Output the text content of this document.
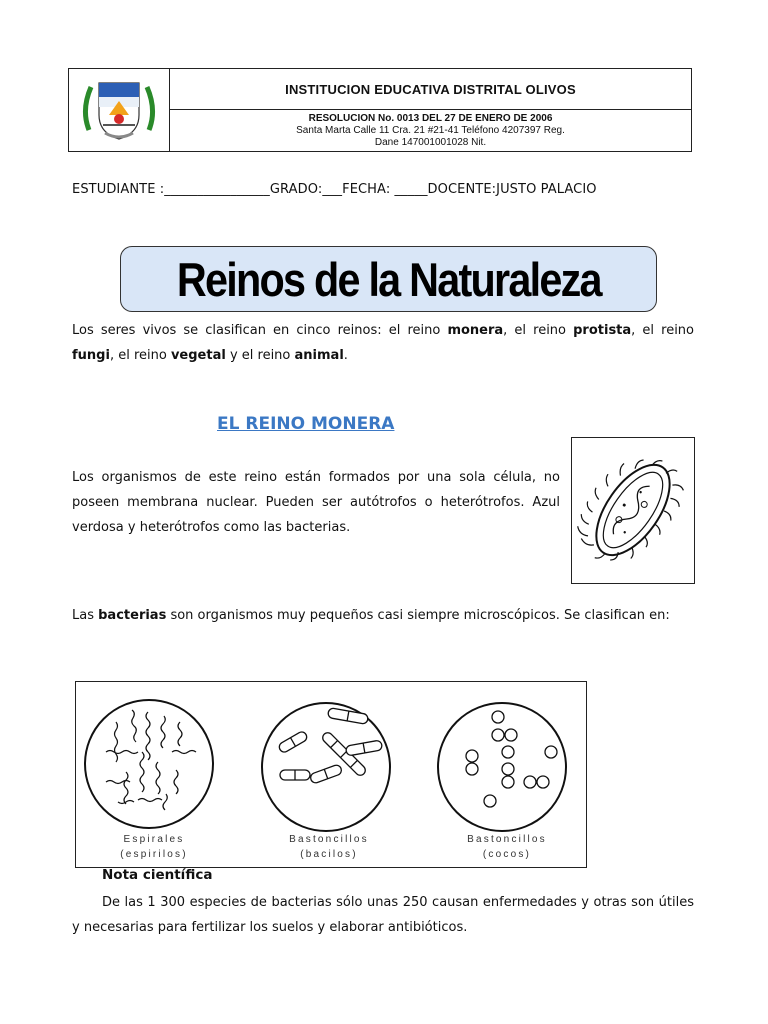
INSTITUCION EDUCATIVA DISTRITAL OLIVOS
RESOLUCION No. 0013 DEL 27 DE ENERO DE 2006
Santa Marta Calle 11 Cra. 21 #21-41 Teléfono 4207397 Reg.
Dane 147001001028 Nit.
ESTUDIANTE :________________GRADO:___FECHA: _____DOCENTE:JUSTO PALACIO
Reinos de la Naturaleza
Los seres vivos se clasifican en cinco reinos: el reino monera, el reino protista, el reino fungi, el reino vegetal y el reino animal.
EL REINO MONERA
Los organismos de este reino están formados por una sola célula, no poseen membrana nuclear. Pueden ser autótrofos o heterótrofos. Azul verdosa y heterótrofos como las bacterias.
Las bacterias son organismos muy pequeños casi siempre microscópicos. Se clasifican en:
Espirales
(espirilos)
Bastoncillos
(bacilos)
Bastoncillos
(cocos)
Nota científica
De las 1 300 especies de bacterias sólo unas 250 causan enfermedades y otras son útiles y necesarias para fertilizar los suelos y elaborar antibióticos.
